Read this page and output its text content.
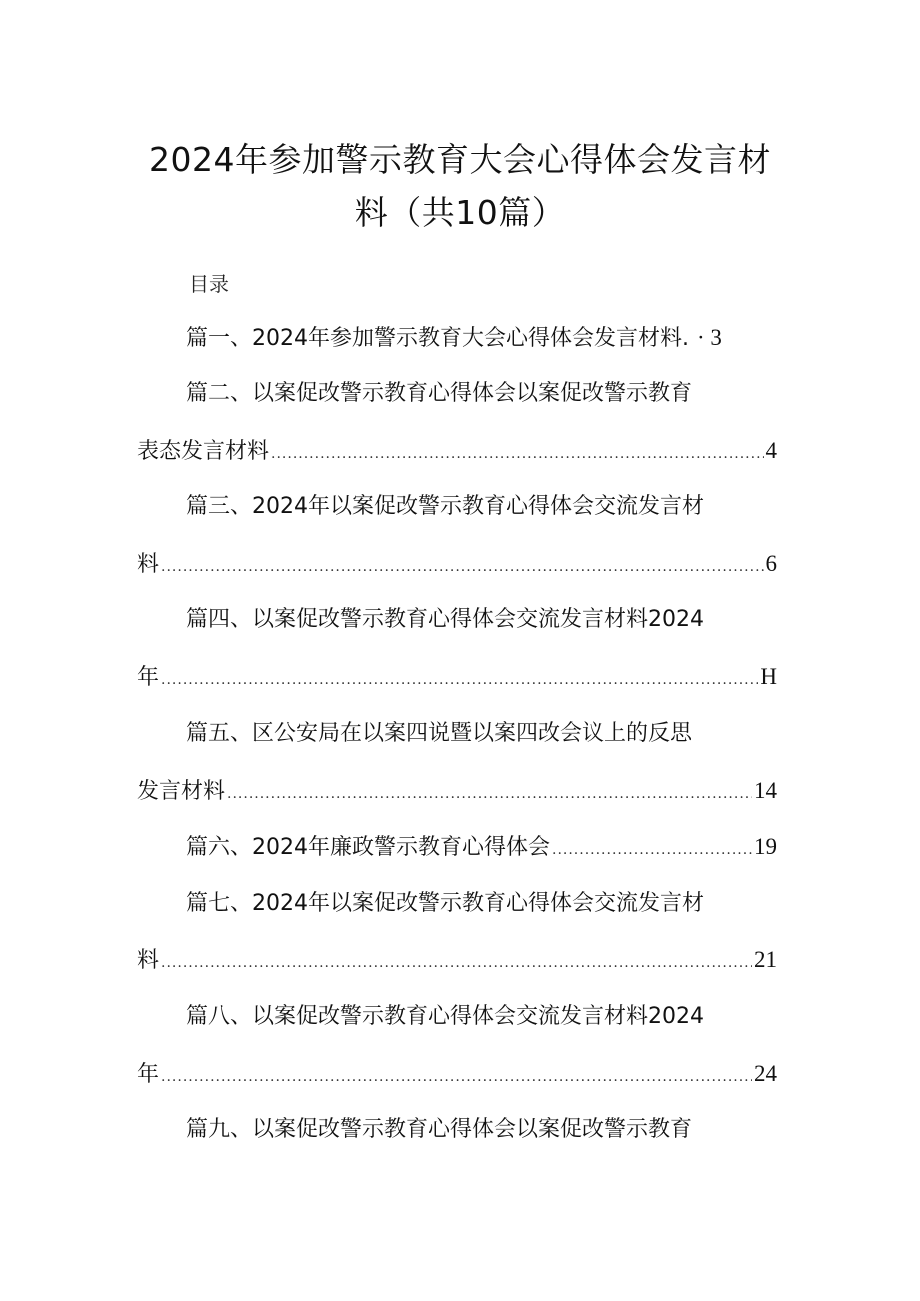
2024年参加警示教育大会心得体会发言材
料（共10篇）
目录
篇一、2024年参加警示教育大会心得体会发言材料. · 3
篇二、以案促改警示教育心得体会以案促改警示教育
表态发言材料 .....	4
篇三、2024年以案促改警示教育心得体会交流发言材
料 .....	6
篇四、以案促改警示教育心得体会交流发言材料2024
年 .....	H
篇五、区公安局在以案四说暨以案四改会议上的反思
发言材料 .....	14
篇六、2024年廉政警示教育心得体会 .....	19
篇七、2024年以案促改警示教育心得体会交流发言材
料 .....	21
篇八、以案促改警示教育心得体会交流发言材料2024
年 .....	24
篇九、以案促改警示教育心得体会以案促改警示教育
